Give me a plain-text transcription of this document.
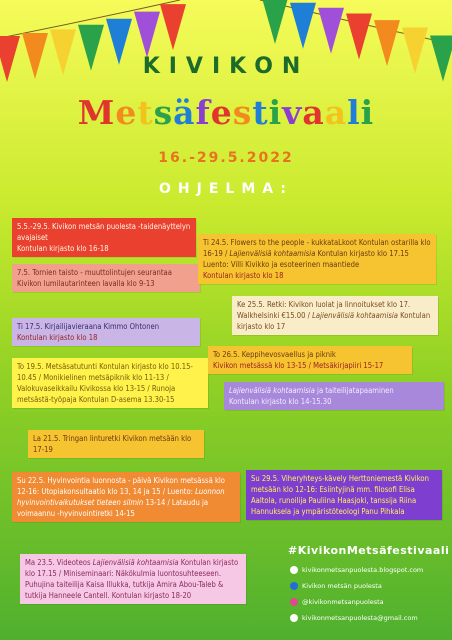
KIVIKON
Metsäfestivaali
16.-29.5.2022
OHJELMA:
5.5.-29.5. Kivikon metsän puolesta -taidenäyttelyn avajaiset
Kontulan kirjasto klo 16-18
7.5. Tornien taisto - muuttolintujen seurantaa Kivikon lumilautarinteen lavalla klo 9-13
Ti 17.5. Kirjailijavieraana Kimmo Ohtonen
Kontulan kirjasto klo 18
To 19.5. Metsäsatutunti Kontulan kirjasto klo 10.15-10.45 / Monikielinen metsäpiknik klo 11-13 / Valokuvaseikkailu Kivikossa klo 13-15 / Runoja metsästä-työpaja Kontulan D-asema 13.30-15
La 21.5. Tringan linturetki Kivikon metsään klo 17-19
Su 22.5. Hyvinvointia luonnosta - päivä Kivikon metsässä klo 12-16: Utopiakonsultaatio klo 13, 14 ja 15 / Luento: Luonnon hyvinvointivaikutukset tieteen silmin 13-14 / Lataudu ja voimaannu -hyvinvointiretki 14-15
Ma 23.5. Videoteos Lajienvälisiä kohtaamisia Kontulan kirjasto klo 17.15 / Miniseminaari: Näkökulmia luontosuhteeseen. Puhujina taiteilija Kaisa Illukka, tutkija Amira Abou-Taleb & tutkija Hanneele Cantell. Kontulan kirjasto 18-20
Ti 24.5. Flowers to the people - kukkataLkoot Kontulan ostarilla klo 16-19 / Lajienvälisiä kohtaamisia Kontulan kirjasto klo 17.15 Luento: Villi Kivikko ja esoteerinen maantiede
Kontulan kirjasto klo 18
Ke 25.5. Retki: Kivikon luolat ja linnoitukset klo 17. Walkhelsinki €15.00 / Lajienvälisiä kohtaamisia Kontulan kirjasto klo 17
To 26.5. Keppihevosvaellus ja piknik
Kivikon metsässä klo 13-15 / Metsäkirjapiiri 15-17
Lajienvälisiä kohtaamisia ja taiteilijatapaaminen
Kontulan kirjasto klo 14-15.30
Su 29.5. Viheryhteys-kävely Herttoniemestä Kivikon metsään klo 12-16: Esiintyjinä mm. filosofi Elisa Aaltola, runoilija Pauliina Haasjoki, tanssija Riina Hannuksela ja ympäristöteologi Panu Pihkala
#KivikonMetsäfestivaali
kivikonmetsanpuolesta.blogspot.com
Kivikon metsän puolesta
@kivikonmetsanpuolesta
kivikonmetsanpuolesta@gmail.com
